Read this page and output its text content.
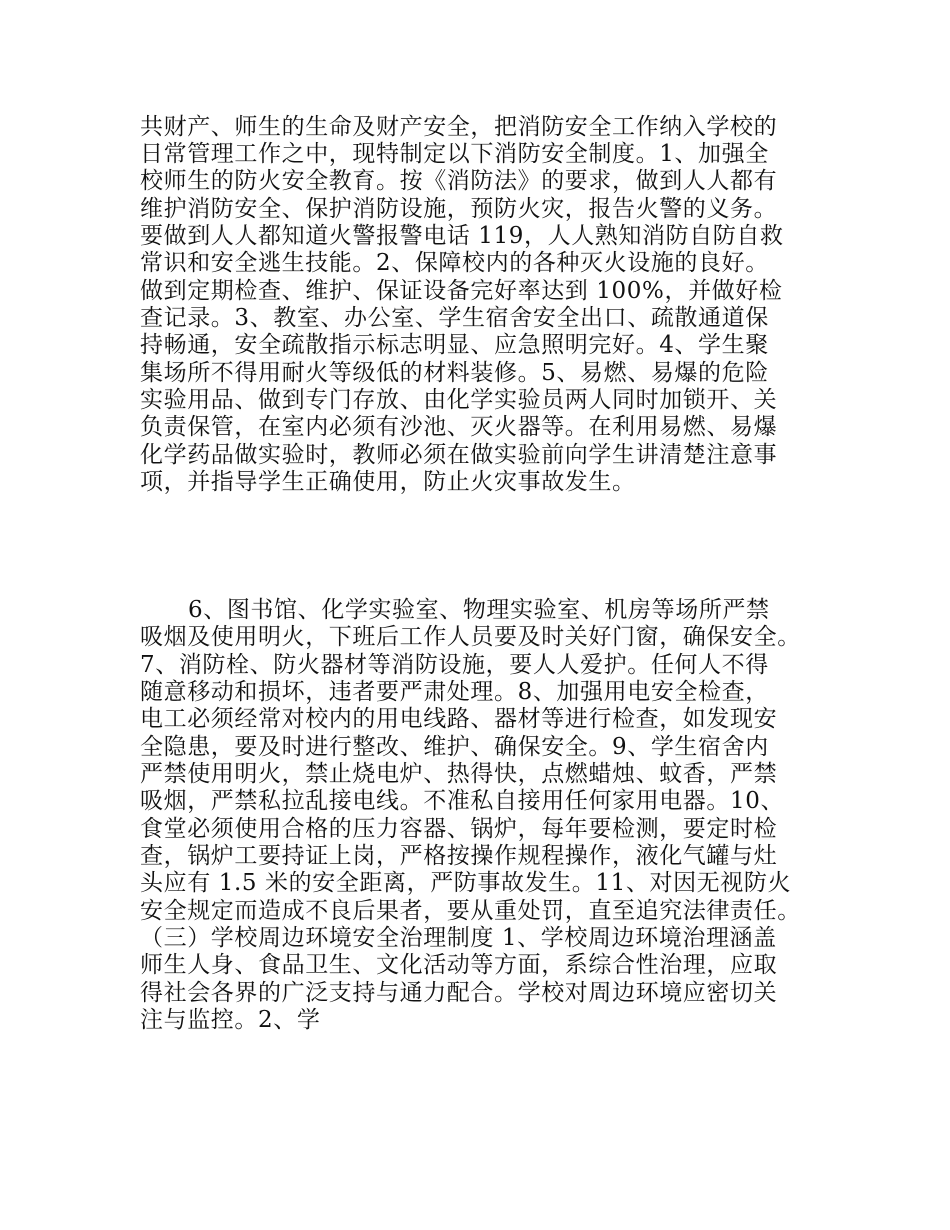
共财产、师生的生命及财产安全，把消防安全工作纳入学校的
日常管理工作之中，现特制定以下消防安全制度。1、加强全
校师生的防火安全教育。按《消防法》的要求，做到人人都有
维护消防安全、保护消防设施，预防火灾，报告火警的义务。
要做到人人都知道火警报警电话 119，人人熟知消防自防自救
常识和安全逃生技能。2、保障校内的各种灭火设施的良好。
做到定期检查、维护、保证设备完好率达到 100%，并做好检
查记录。3、教室、办公室、学生宿舍安全出口、疏散通道保
持畅通，安全疏散指示标志明显、应急照明完好。4、学生聚
集场所不得用耐火等级低的材料装修。5、易燃、易爆的危险
实验用品、做到专门存放、由化学实验员两人同时加锁开、关
负责保管，在室内必须有沙池、灭火器等。在利用易燃、易爆
化学药品做实验时，教师必须在做实验前向学生讲清楚注意事
项，并指导学生正确使用，防止火灾事故发生。
6、图书馆、化学实验室、物理实验室、机房等场所严禁
吸烟及使用明火，下班后工作人员要及时关好门窗，确保安全。
7、消防栓、防火器材等消防设施，要人人爱护。任何人不得
随意移动和损坏，违者要严肃处理。8、加强用电安全检查，
电工必须经常对校内的用电线路、器材等进行检查，如发现安
全隐患，要及时进行整改、维护、确保安全。9、学生宿舍内
严禁使用明火，禁止烧电炉、热得快，点燃蜡烛、蚊香，严禁
吸烟，严禁私拉乱接电线。不准私自接用任何家用电器。10、
食堂必须使用合格的压力容器、锅炉，每年要检测，要定时检
查，锅炉工要持证上岗，严格按操作规程操作，液化气罐与灶
头应有 1.5 米的安全距离，严防事故发生。11、对因无视防火
安全规定而造成不良后果者，要从重处罚，直至追究法律责任。
（三）学校周边环境安全治理制度 1、学校周边环境治理涵盖
师生人身、食品卫生、文化活动等方面，系综合性治理，应取
得社会各界的广泛支持与通力配合。学校对周边环境应密切关
注与监控。2、学
